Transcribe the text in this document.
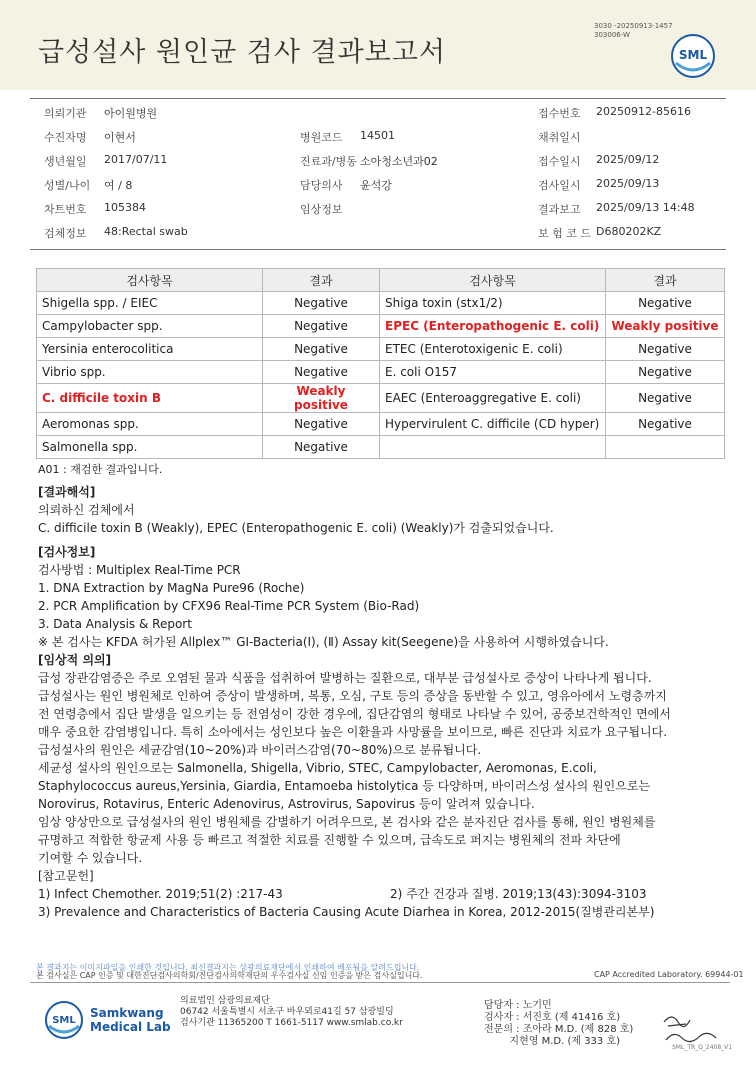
급성설사 원인균 검사 결과보고서
3030 -20250913-1457
303006-W
SML
의뢰기관 아이원병원	접수번호 20250912-85616
수진자명 이현서	병원코드 14501	채취일시
생년월일 2017/07/11	진료과/병동 소아청소년과02	접수일시 2025/09/12
성별/나이 여 / 8	담당의사 윤석강	검사일시 2025/09/13
차트번호 105384	임상정보	결과보고 2025/09/13 14:48
검체정보 48:Rectal swab	보 험 코 드 D680202KZ
검사항목	결과	검사항목	결과
Shigella spp. / EIEC	Negative	Shiga toxin (stx1/2)	Negative
Campylobacter spp.	Negative	EPEC (Enteropathogenic E. coli)	Weakly positive
Yersinia enterocolitica	Negative	ETEC (Enterotoxigenic E. coli)	Negative
Vibrio spp.	Negative	E. coli O157	Negative
C. difficile toxin B	Weakly positive	EAEC (Enteroaggregative E. coli)	Negative
Aeromonas spp.	Negative	Hypervirulent C. difficile (CD hyper)	Negative
Salmonella spp.	Negative		
A01 : 재검한 결과입니다.
[결과해석]
의뢰하신 검체에서
C. difficile toxin B (Weakly), EPEC (Enteropathogenic E. coli) (Weakly)가 검출되었습니다.
[검사정보]
검사방법 : Multiplex Real-Time PCR
1. DNA Extraction by MagNa Pure96 (Roche)
2. PCR Amplification by CFX96 Real-Time PCR System (Bio-Rad)
3. Data Analysis & Report
※ 본 검사는 KFDA 허가된 Allplex™ GI-Bacteria(Ⅰ), (Ⅱ) Assay kit(Seegene)을 사용하여 시행하였습니다.
[임상적 의의]
급성 장관감염증은 주로 오염된 물과 식품을 섭취하여 발병하는 질환으로, 대부분 급성설사로 증상이 나타나게 됩니다.
급성설사는 원인 병원체로 인하여 증상이 발생하며, 복통, 오심, 구토 등의 증상을 동반할 수 있고, 영유아에서 노령층까지
전 연령층에서 집단 발생을 일으키는 등 전염성이 강한 경우에, 집단감염의 형태로 나타날 수 있어, 공중보건학적인 면에서
매우 중요한 감염병입니다. 특히 소아에서는 성인보다 높은 이환율과 사망률을 보이므로, 빠른 진단과 치료가 요구됩니다.
급성설사의 원인은 세균감염(10~20%)과 바이러스감염(70~80%)으로 분류됩니다.
세균성 설사의 원인으로는 Salmonella, Shigella, Vibrio, STEC, Campylobacter, Aeromonas, E.coli,
Staphylococcus aureus,Yersinia, Giardia, Entamoeba histolytica 등 다양하며, 바이러스성 설사의 원인으로는
Norovirus, Rotavirus, Enteric Adenovirus, Astrovirus, Sapovirus 등이 알려져 있습니다.
임상 양상만으로 급성설사의 원인 병원체를 감별하기 어려우므로, 본 검사와 같은 분자진단 검사를 통해, 원인 병원체를
규명하고 적합한 항균제 사용 등 빠르고 적절한 치료를 진행할 수 있으며, 급속도로 퍼지는 병원체의 전파 차단에
기여할 수 있습니다.
[참고문헌]
1) Infect Chemother. 2019;51(2) :217-43	2) 주간 건강과 질병. 2019;13(43):3094-3103
3) Prevalence and Characteristics of Bacteria Causing Acute Diarhea in Korea, 2012-2015(질병관리본부)
본 결과지는 이미지파일을 인쇄한 것입니다. 최신결과지는 상광의료재단에서 인쇄하여 배포됨을 알려드립니다.
본 검사실은 CAP 인증 및 대한진단검사의학회/진단검사의학재단의 우수검사실 신임 인증을 받은 검사실입니다.	CAP Accredited Laboratory. 69944-01
SML
Samkwang
Medical Lab
의료법인 삼광의료재단
06742 서울특별시 서초구 바우뫼로41길 57 삼광빌딩
검사기관 11365200 T 1661-5117 www.smlab.co.kr
담당자 : 노기민
검사자 : 서진호 (제 41416 호)
전문의 : 조아라 M.D. (제 828 호)
지현영 M.D. (제 333 호)
SML_TR_Q_2408_V1
